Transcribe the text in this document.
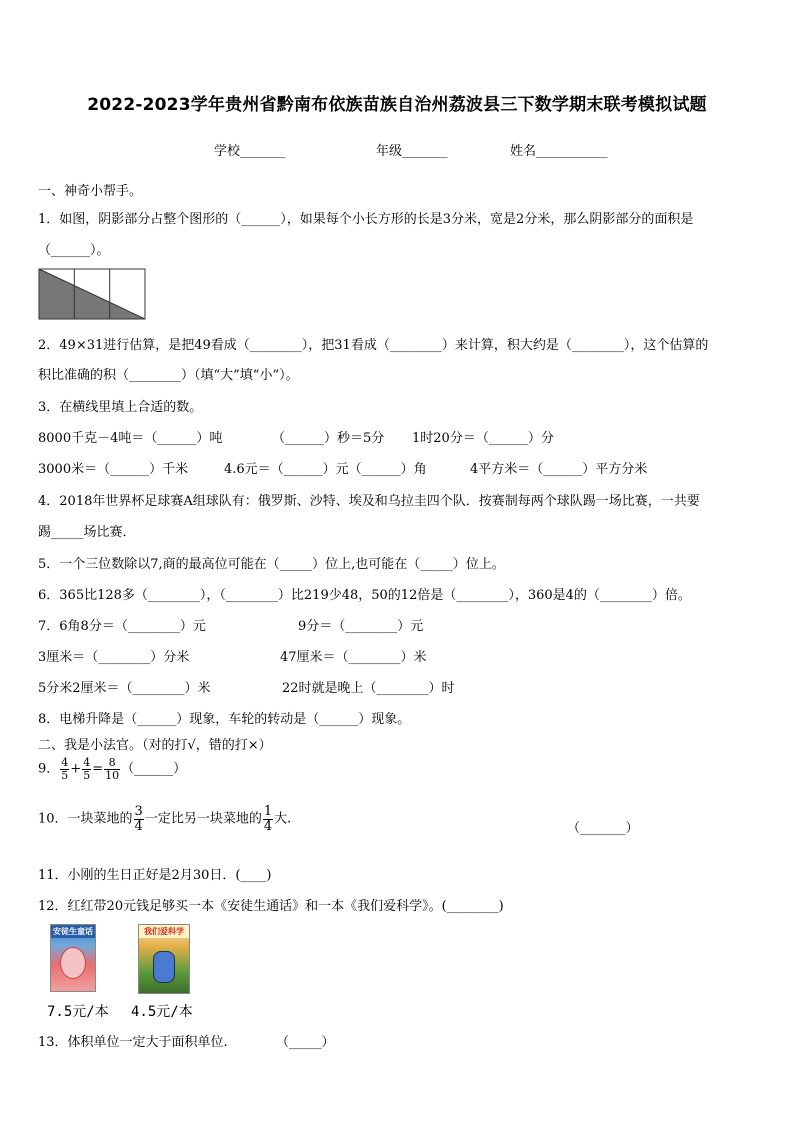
2022-2023学年贵州省黔南布依族苗族自治州荔波县三下数学期末联考模拟试题
学校_______	年级_______	姓名___________
一、神奇小帮手。
1．如图，阴影部分占整个图形的（______），如果每个小长方形的长是3分米，宽是2分米，那么阴影部分的面积是
（______）。
2．49×31进行估算，是把49看成（________），把31看成（________）来计算，积大约是（________），这个估算的
积比准确的积（________）（填“大”填“小”）。
3．在横线里填上合适的数。
8000千克－4吨＝（______）吨	（______）秒＝5分 1时20分＝（______）分
3000米＝（______）千米	4.6元＝（______）元（______）角	4平方米＝（______）平方分米
4．2018年世界杯足球赛A组球队有：俄罗斯、沙特、埃及和乌拉圭四个队．按赛制每两个球队踢一场比赛，一共要
踢_____场比赛．
5．一个三位数除以7,商的最高位可能在（_____）位上,也可能在（_____）位上。
6．365比128多（________），（________）比219少48，50的12倍是（________），360是4的（________）倍。
7．6角8分＝（________）元	9分＝（________）元
3厘米＝（________）分米	47厘米＝（________）米
5分米2厘米＝（________）米	22时就是晚上（________）时
8．电梯升降是（______）现象，车轮的转动是（______）现象。
二、我是小法官。（对的打√，错的打×）
9． $\frac{4}{5} + \frac{4}{5} = \frac{8}{10}$ （______）
10．一块菜地的 $\frac{3}{4}$ 一定比另一块菜地的 $\frac{1}{4}$ 大.
（_______）
11．小刚的生日正好是2月30日．(____)
12．红红带20元钱足够买一本《安徒生通话》和一本《我们爱科学》。(________)
安徒生童话	我们爱科学
7.5元/本 4.5元/本
13．体积单位一定大于面积单位.	（_____）
